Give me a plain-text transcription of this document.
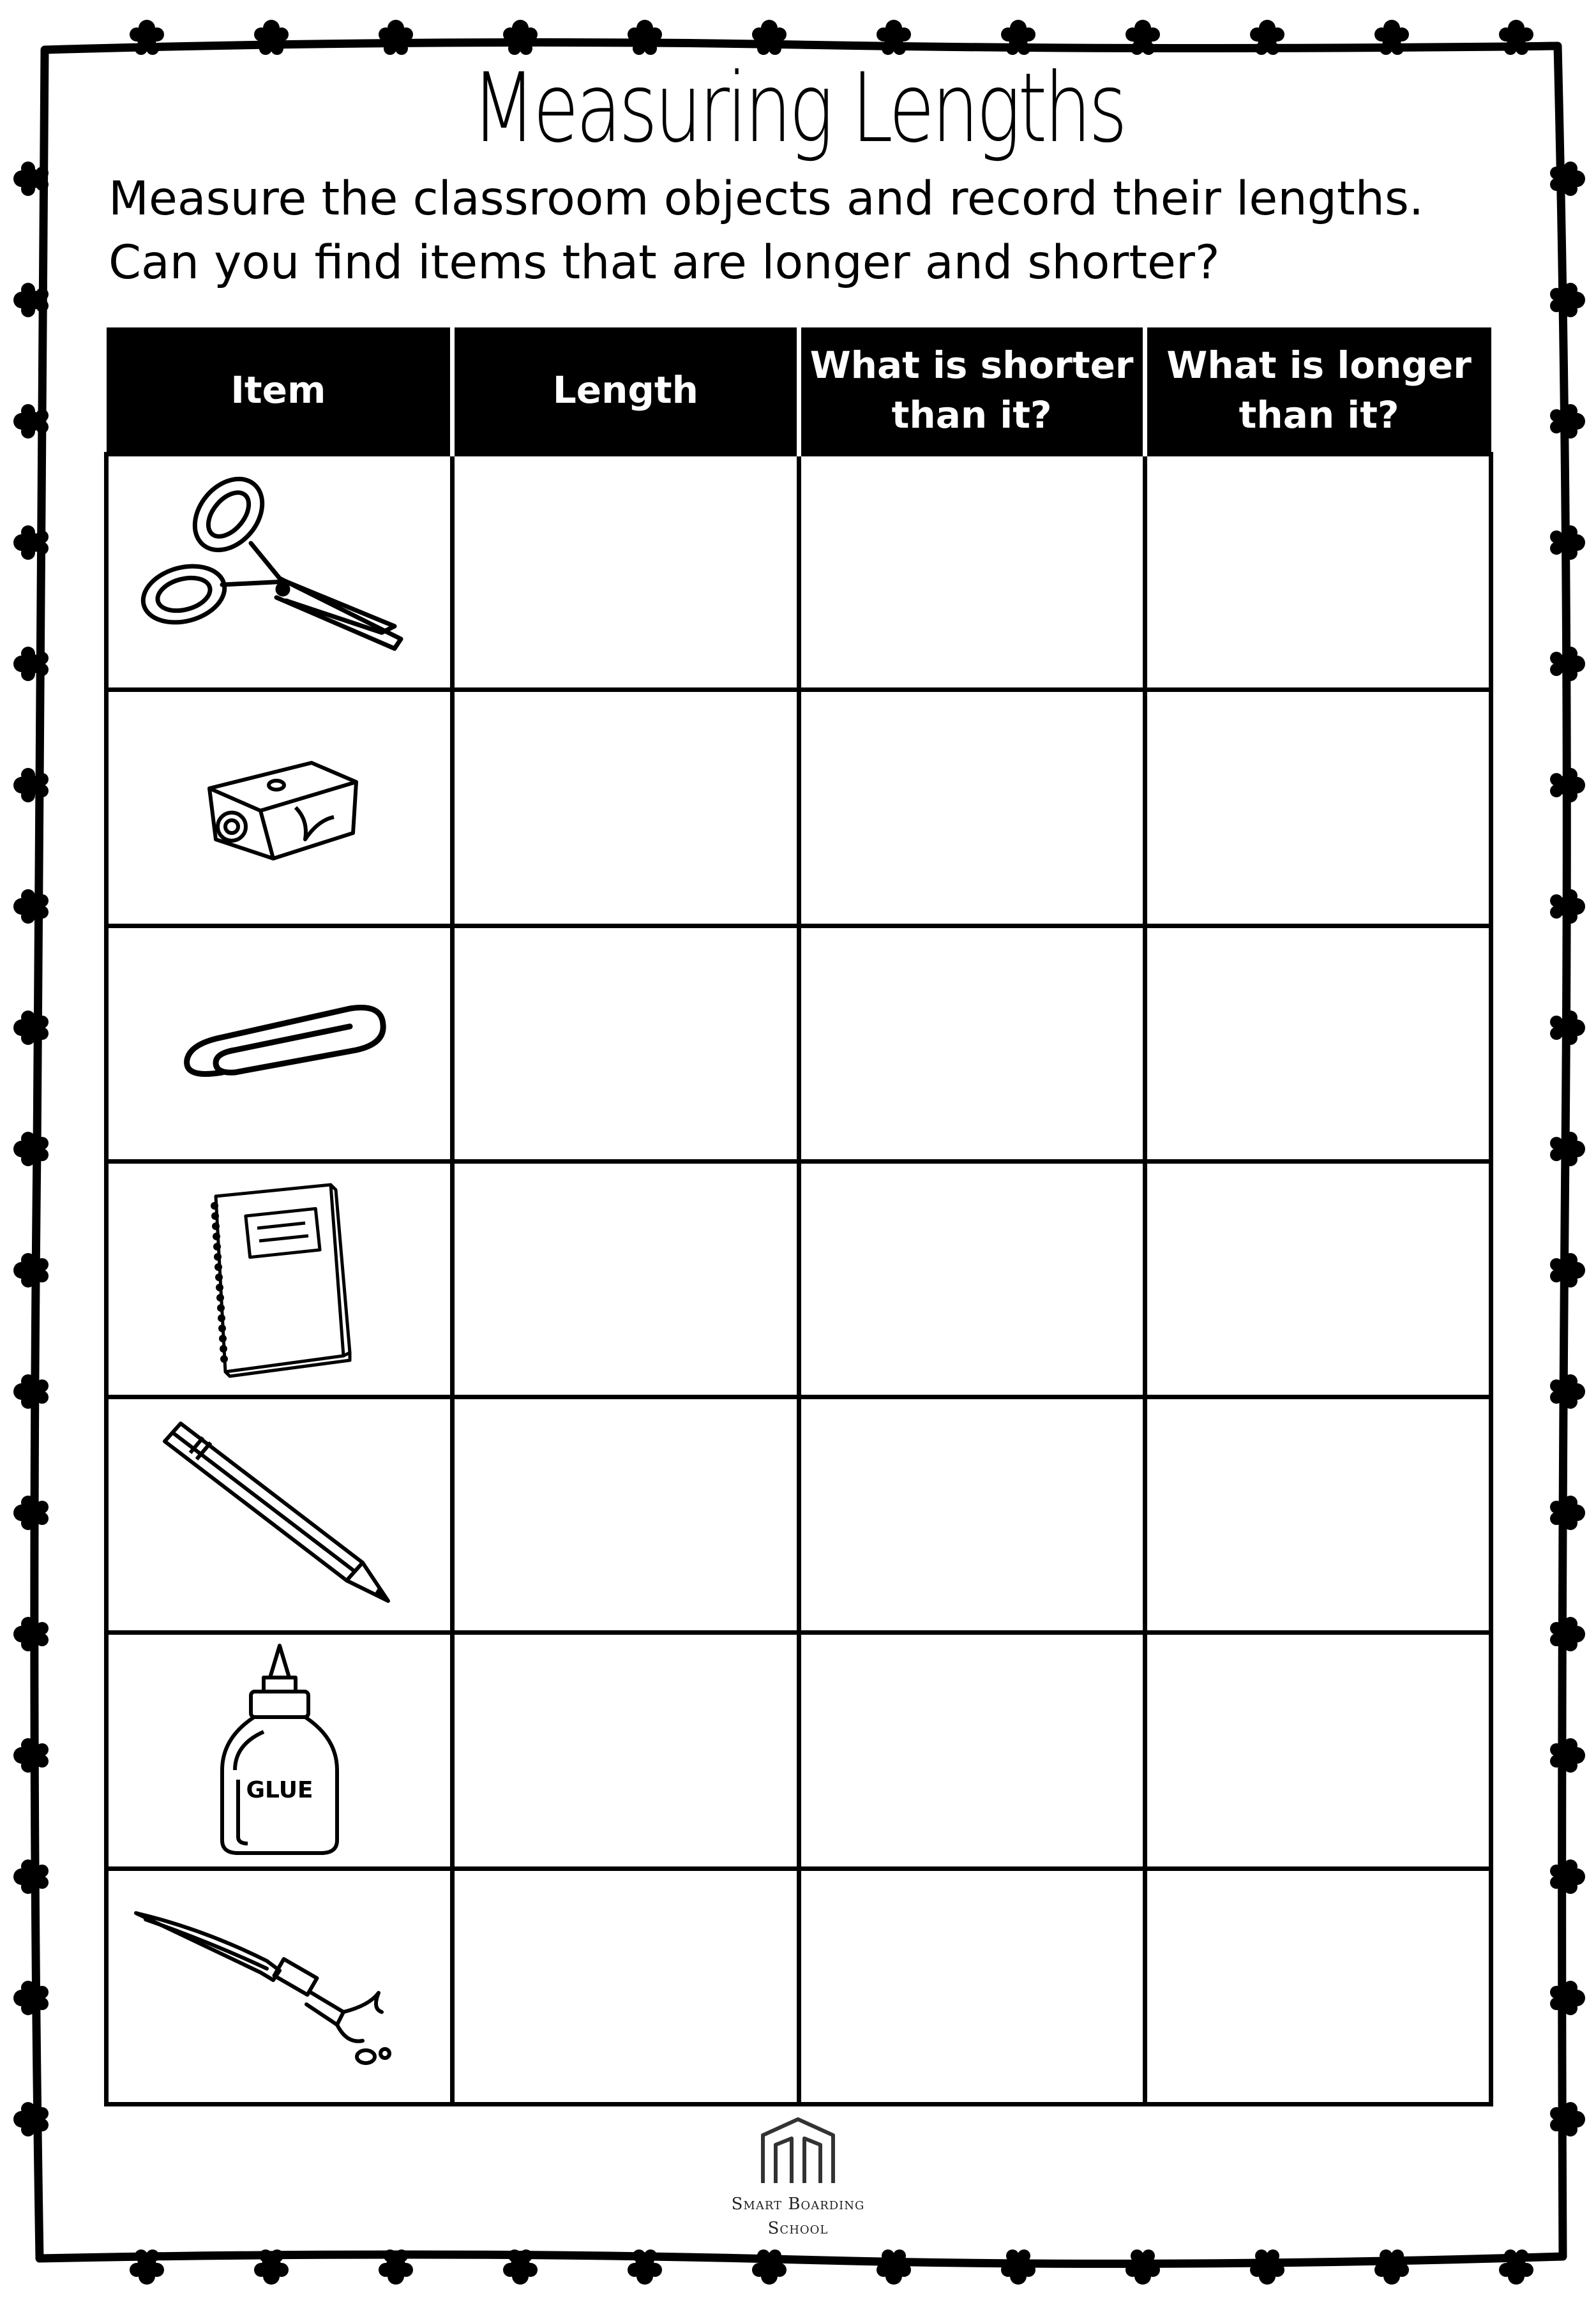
Measuring Lengths
Measure the classroom objects and record their lengths.
Can you find items that are longer and shorter?
Item	Length	What is shorter than it?	What is longer than it?

GLUE			

Smart Boarding
School
